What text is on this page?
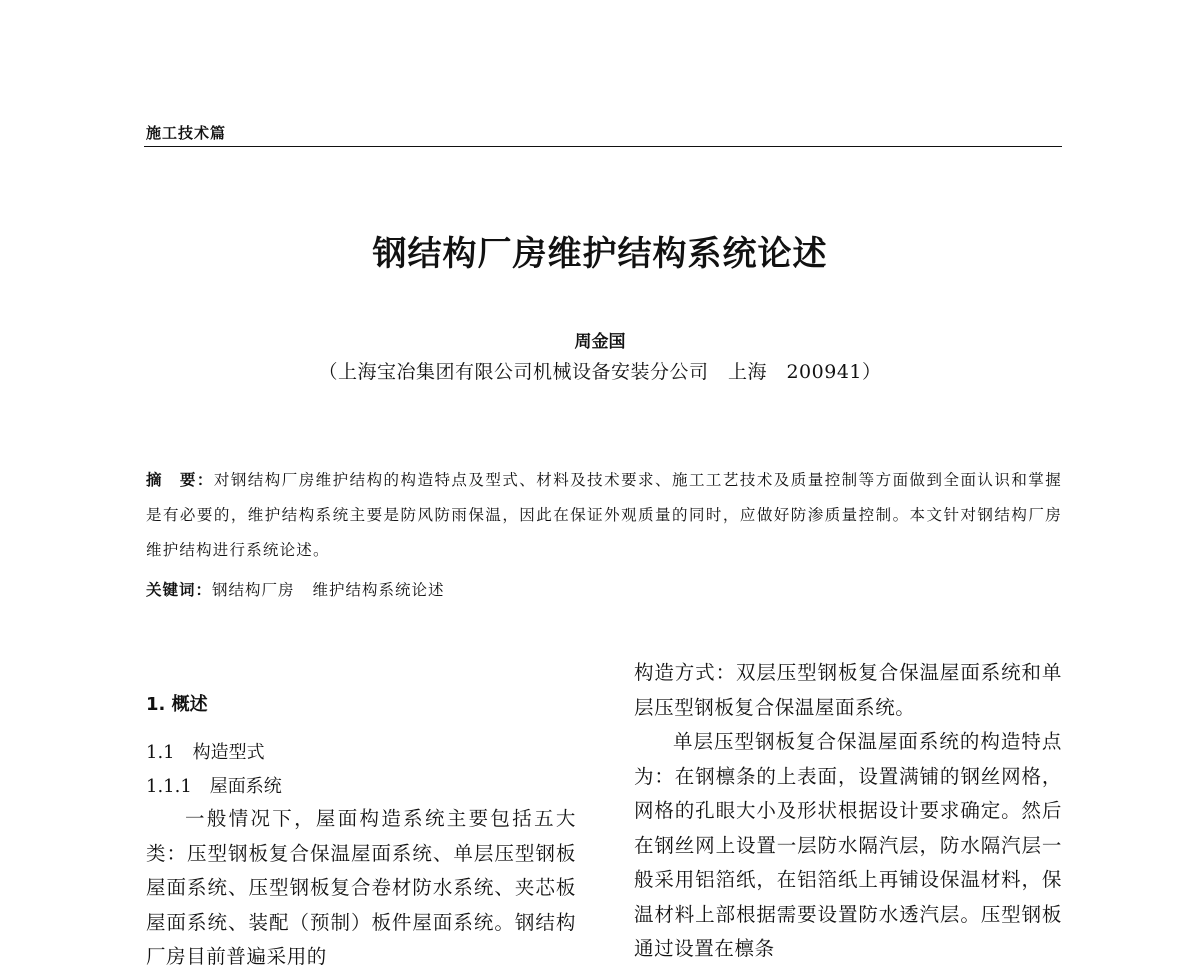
施工技术篇
钢结构厂房维护结构系统论述
周金国
（上海宝冶集团有限公司机械设备安装分公司　上海　200941）
摘　要：对钢结构厂房维护结构的构造特点及型式、材料及技术要求、施工工艺技术及质量控制等方面做到全面认识和掌握是有必要的，维护结构系统主要是防风防雨保温，因此在保证外观质量的同时，应做好防渗质量控制。本文针对钢结构厂房维护结构进行系统论述。
关键词：钢结构厂房 维护结构系统论述
1. 概述
1.1　构造型式
1.1.1　屋面系统

一般情况下，屋面构造系统主要包括五大类：压型钢板复合保温屋面系统、单层压型钢板屋面系统、压型钢板复合卷材防水系统、夹芯板屋面系统、装配（预制）板件屋面系统。钢结构厂房目前普遍采用的

构造方式：双层压型钢板复合保温屋面系统和单层压型钢板复合保温屋面系统。

单层压型钢板复合保温屋面系统的构造特点为：在钢檩条的上表面，设置满铺的钢丝网格，网格的孔眼大小及形状根据设计要求确定。然后在钢丝网上设置一层防水隔汽层，防水隔汽层一般采用铝箔纸，在铝箔纸上再铺设保温材料，保温材料上部根据需要设置防水透汽层。压型钢板通过设置在檩条
